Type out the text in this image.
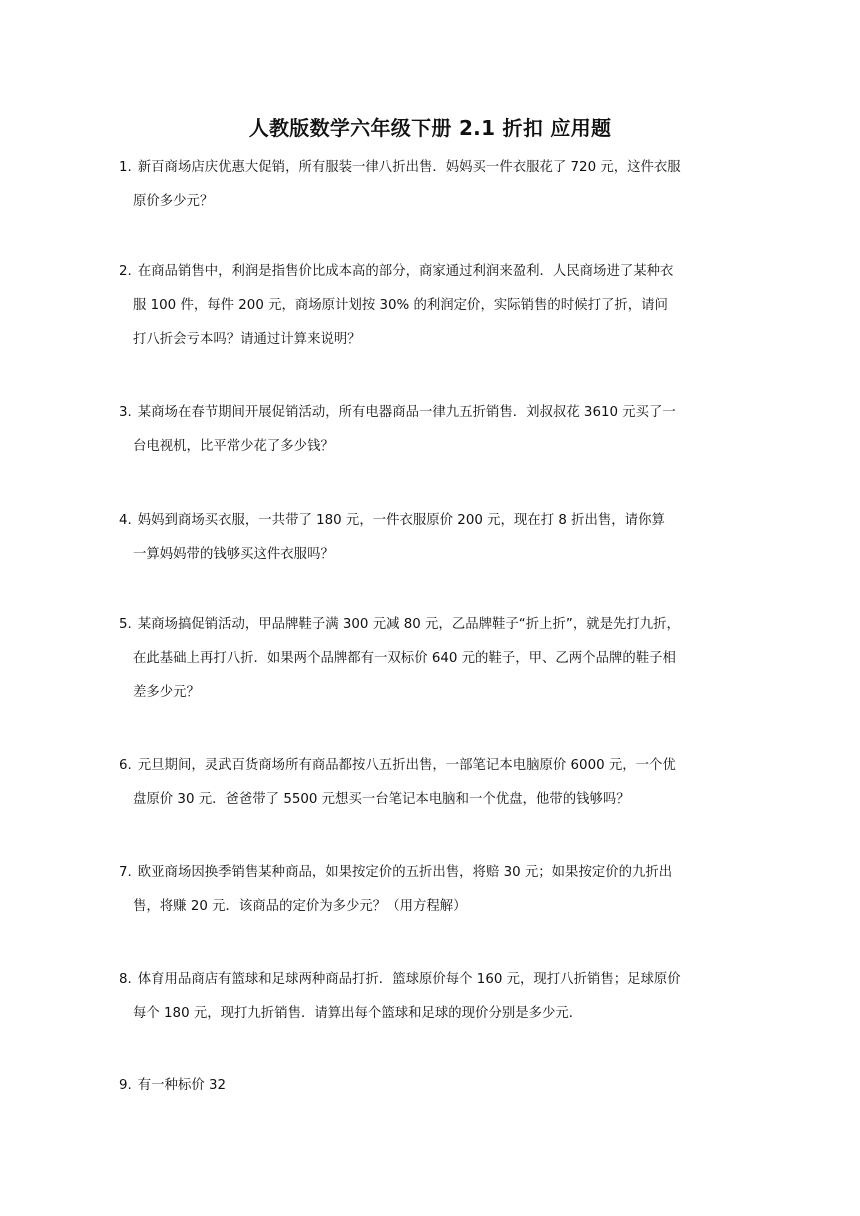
人教版数学六年级下册 2.1 折扣 应用题
1. 新百商场店庆优惠大促销，所有服装一律八折出售．妈妈买一件衣服花了 720 元，这件衣服
原价多少元？
2. 在商品销售中，利润是指售价比成本高的部分，商家通过利润来盈利．人民商场进了某种衣
服 100 件，每件 200 元，商场原计划按 30% 的利润定价，实际销售的时候打了折，请问
打八折会亏本吗？请通过计算来说明？
3. 某商场在春节期间开展促销活动，所有电器商品一律九五折销售．刘叔叔花 3610 元买了一
台电视机，比平常少花了多少钱？
4. 妈妈到商场买衣服，一共带了 180 元，一件衣服原价 200 元，现在打 8 折出售，请你算
一算妈妈带的钱够买这件衣服吗？
5. 某商场搞促销活动，甲品牌鞋子满 300 元减 80 元，乙品牌鞋子“折上折”，就是先打九折，
在此基础上再打八折．如果两个品牌都有一双标价 640 元的鞋子，甲、乙两个品牌的鞋子相
差多少元？
6. 元旦期间，灵武百货商场所有商品都按八五折出售，一部笔记本电脑原价 6000 元，一个优
盘原价 30 元．爸爸带了 5500 元想买一台笔记本电脑和一个优盘，他带的钱够吗？
7. 欧亚商场因换季销售某种商品，如果按定价的五折出售，将赔 30 元；如果按定价的九折出
售，将赚 20 元．该商品的定价为多少元？（用方程解）
8. 体育用品商店有篮球和足球两种商品打折．篮球原价每个 160 元，现打八折销售；足球原价
每个 180 元，现打九折销售．请算出每个篮球和足球的现价分别是多少元．
9. 有一种标价 32
